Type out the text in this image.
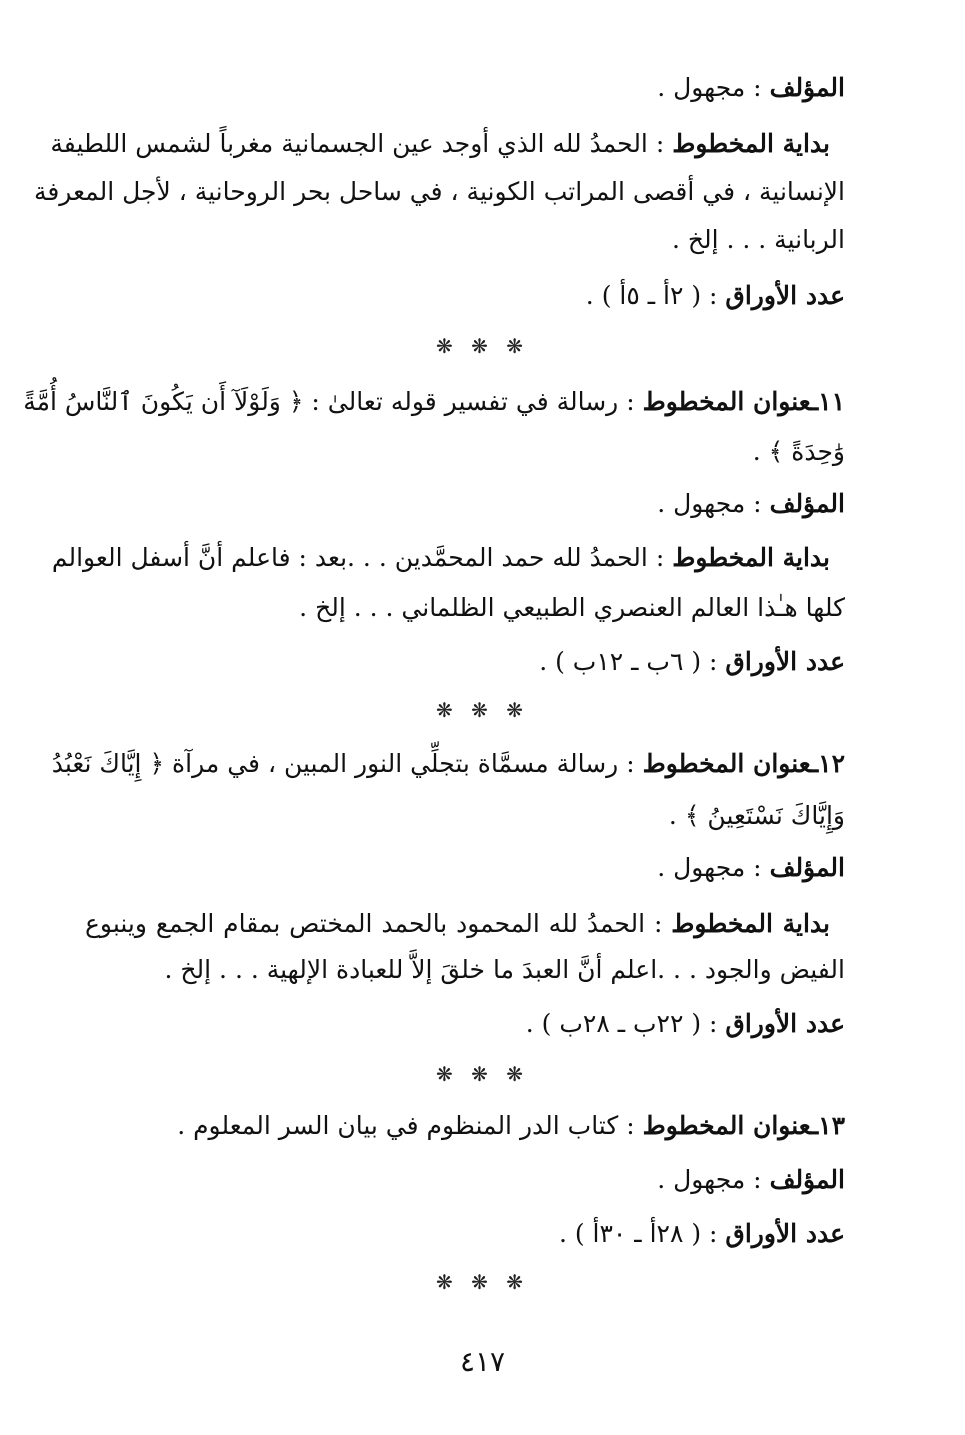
المؤلف : مجهول .
بداية المخطوط : الحمدُ لله الذي أوجد عين الجسمانية مغرباً لشمس اللطيفة
الإنسانية ، في أقصى المراتب الكونية ، في ساحل بحر الروحانية ، لأجل المعرفة
الربانية . . . إلخ .
عدد الأوراق : ( ٢أ ـ ٥أ ) .
❋ ❋ ❋
١١ـعنوان المخطوط : رسالة في تفسير قوله تعالىٰ : ﴿ وَلَوْلَآ أَن يَكُونَ ٱلنَّاسُ أُمَّةً
وَٰحِدَةً ﴾ .
المؤلف : مجهول .
بداية المخطوط : الحمدُ لله حمد المحمَّدين . . .بعد : فاعلم أنَّ أسفل العوالم
كلها هـٰذا العالم العنصري الطبيعي الظلماني . . . إلخ .
عدد الأوراق : ( ٦ب ـ ١٢ب ) .
❋ ❋ ❋
١٢ـعنوان المخطوط : رسالة مسمَّاة بتجلِّي النور المبين ، في مرآة ﴿ إِيَّاكَ نَعْبُدُ
وَإِيَّاكَ نَسْتَعِينُ ﴾ .
المؤلف : مجهول .
بداية المخطوط : الحمدُ لله المحمود بالحمد المختص بمقام الجمع وينبوع
الفيض والجود . . .اعلم أنَّ العبدَ ما خلقَ إلاَّ للعبادة الإلهية . . . إلخ .
عدد الأوراق : ( ٢٢ب ـ ٢٨ب ) .
❋ ❋ ❋
١٣ـعنوان المخطوط : كتاب الدر المنظوم في بيان السر المعلوم .
المؤلف : مجهول .
عدد الأوراق : ( ٢٨أ ـ ٣٠أ ) .
❋ ❋ ❋
٤١٧
